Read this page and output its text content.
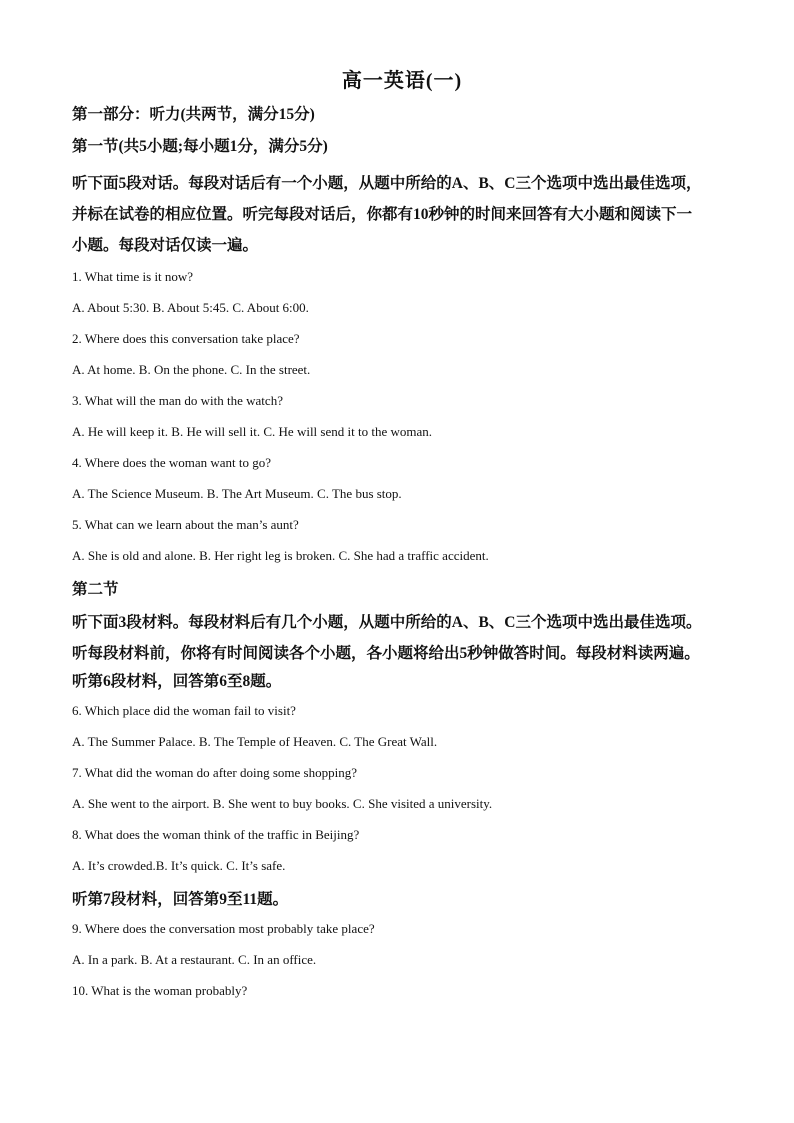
高一英语(一)
第一部分：听力(共两节，满分15分)
第一节(共5小题;每小题1分，满分5分)
听下面5段对话。每段对话后有一个小题，从题中所给的A、B、C三个选项中选出最佳选项，
并标在试卷的相应位置。听完每段对话后，你都有10秒钟的时间来回答有大小题和阅读下一
小题。每段对话仅读一遍。
1. What time is it now?
A. About 5:30. B. About 5:45. C. About 6:00.
2. Where does this conversation take place?
A. At home. B. On the phone. C. In the street.
3. What will the man do with the watch?
A. He will keep it. B. He will sell it. C. He will send it to the woman.
4. Where does the woman want to go?
A. The Science Museum. B. The Art Museum. C. The bus stop.
5. What can we learn about the man’s aunt?
A. She is old and alone. B. Her right leg is broken. C. She had a traffic accident.
第二节
听下面3段材料。每段材料后有几个小题，从题中所给的A、B、C三个选项中选出最佳选项。
听每段材料前，你将有时间阅读各个小题，各小题将给出5秒钟做答时间。每段材料读两遍。
听第6段材料，回答第6至8题。
6. Which place did the woman fail to visit?
A. The Summer Palace. B. The Temple of Heaven. C. The Great Wall.
7. What did the woman do after doing some shopping?
A. She went to the airport. B. She went to buy books. C. She visited a university.
8. What does the woman think of the traffic in Beijing?
A. It’s crowded.B. It’s quick. C. It’s safe.
听第7段材料，回答第9至11题。
9. Where does the conversation most probably take place?
A. In a park. B. At a restaurant. C. In an office.
10. What is the woman probably?
